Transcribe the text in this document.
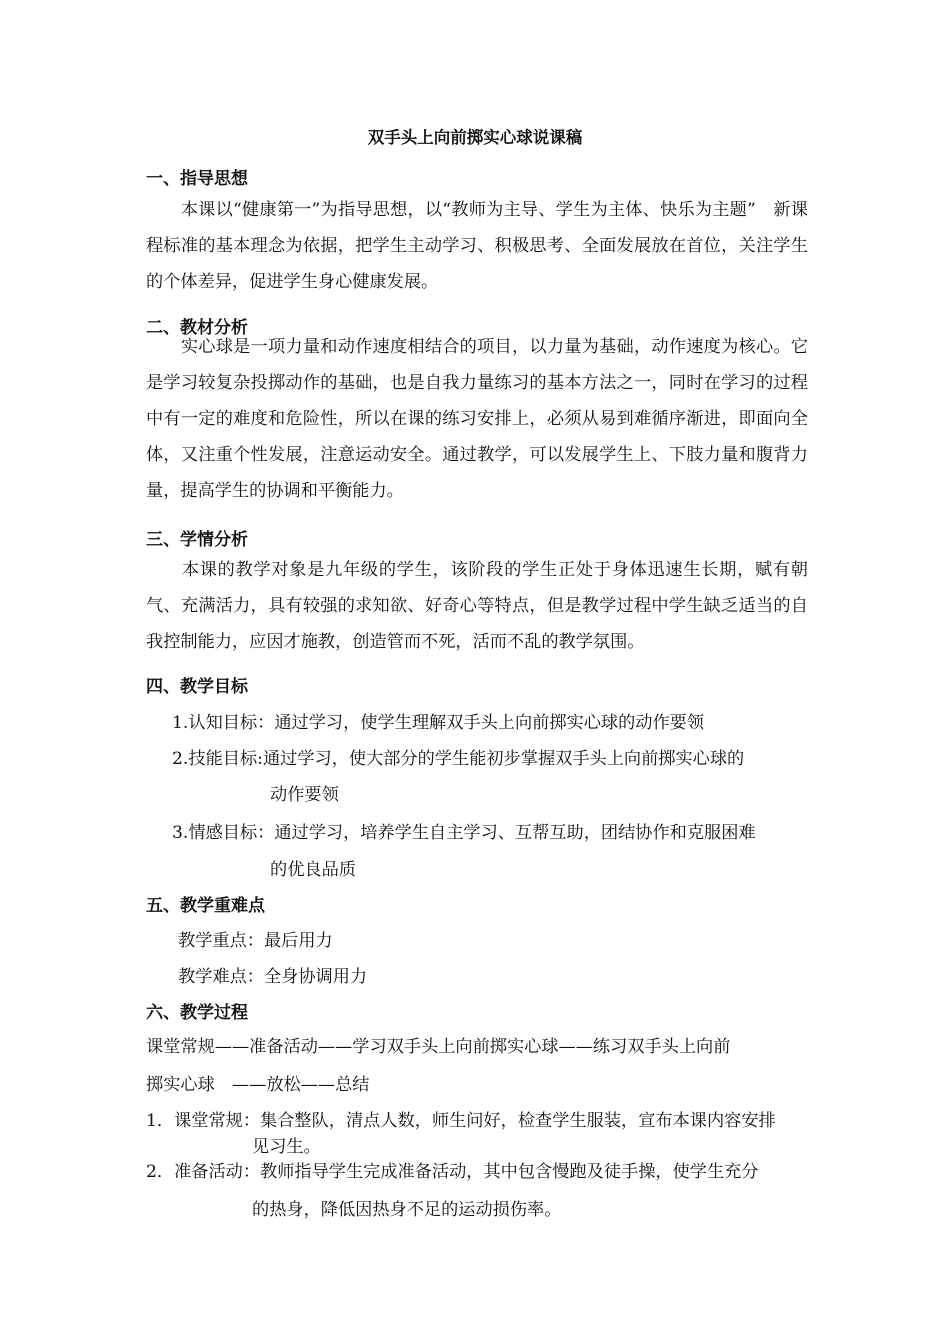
双手头上向前掷实心球说课稿
一、指导思想
　　本课以“健康第一”为指导思想，以“教师为主导、学生为主体、快乐为主题”　新课程标准的基本理念为依据，把学生主动学习、积极思考、全面发展放在首位，关注学生的个体差异，促进学生身心健康发展。
二、教材分析
　　实心球是一项力量和动作速度相结合的项目，以力量为基础，动作速度为核心。它是学习较复杂投掷动作的基础，也是自我力量练习的基本方法之一，同时在学习的过程中有一定的难度和危险性，所以在课的练习安排上，必须从易到难循序渐进，即面向全体，又注重个性发展，注意运动安全。通过教学，可以发展学生上、下肢力量和腹背力量，提高学生的协调和平衡能力。
三、学情分析
　　本课的教学对象是九年级的学生，该阶段的学生正处于身体迅速生长期，赋有朝气、充满活力，具有较强的求知欲、好奇心等特点，但是教学过程中学生缺乏适当的自我控制能力，应因才施教，创造管而不死，活而不乱的教学氛围。
四、教学目标
1.认知目标：通过学习，使学生理解双手头上向前掷实心球的动作要领
2.技能目标:通过学习，使大部分的学生能初步掌握双手头上向前掷实心球的
动作要领
3.情感目标：通过学习，培养学生自主学习、互帮互助，团结协作和克服困难
的优良品质
五、教学重难点
教学重点：最后用力
教学难点：全身协调用力
六、教学过程
课堂常规——准备活动——学习双手头上向前掷实心球——练习双手头上向前
掷实心球　——放松——总结
1．课堂常规：集合整队，清点人数，师生问好，检查学生服装，宣布本课内容安排
见习生。
2．准备活动：教师指导学生完成准备活动，其中包含慢跑及徒手操，使学生充分
的热身，降低因热身不足的运动损伤率。
